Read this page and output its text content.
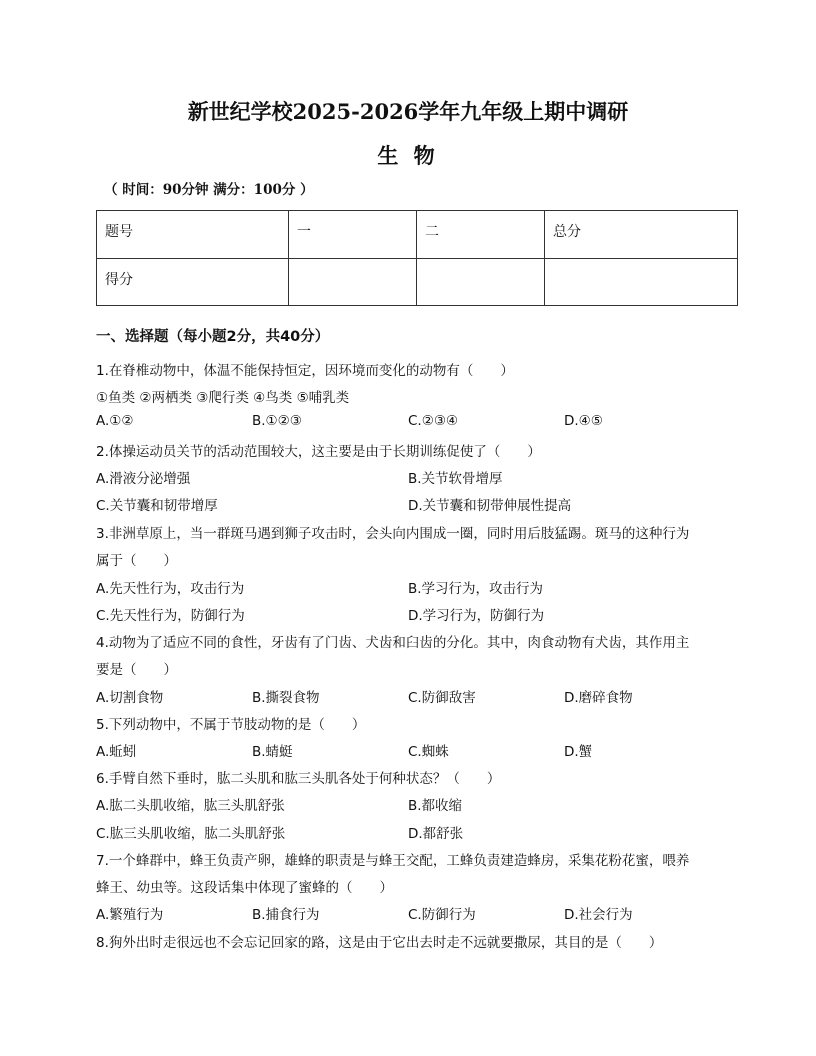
新世纪学校2025-2026学年九年级上期中调研
生 物
（ 时间：90分钟 满分：100分 ）
题号	一	二	总分
得分			
一、选择题（每小题2分，共40分）
1.在脊椎动物中，体温不能保持恒定，因环境而变化的动物有（　　）
①鱼类 ②两栖类 ③爬行类 ④鸟类 ⑤哺乳类
A.①②	B.①②③	C.②③④	D.④⑤
2.体操运动员关节的活动范围较大，这主要是由于长期训练促使了（　　）
A.滑液分泌增强	B.关节软骨增厚
C.关节囊和韧带增厚	D.关节囊和韧带伸展性提高
3.非洲草原上，当一群斑马遇到狮子攻击时，会头向内围成一圈，同时用后肢猛踢。斑马的这种行为
属于（　　）
A.先天性行为，攻击行为	B.学习行为，攻击行为
C.先天性行为，防御行为	D.学习行为，防御行为
4.动物为了适应不同的食性，牙齿有了门齿、犬齿和臼齿的分化。其中，肉食动物有犬齿，其作用主
要是（　　）
A.切割食物	B.撕裂食物	C.防御敌害	D.磨碎食物
5.下列动物中，不属于节肢动物的是（　　）
A.蚯蚓	B.蜻蜓	C.蜘蛛	D.蟹
6.手臂自然下垂时，肱二头肌和肱三头肌各处于何种状态？（　　）
A.肱二头肌收缩，肱三头肌舒张	B.都收缩
C.肱三头肌收缩，肱二头肌舒张	D.都舒张
7.一个蜂群中，蜂王负责产卵，雄蜂的职责是与蜂王交配，工蜂负责建造蜂房，采集花粉花蜜，喂养
蜂王、幼虫等。这段话集中体现了蜜蜂的（　　）
A.繁殖行为	B.捕食行为	C.防御行为	D.社会行为
8.狗外出时走很远也不会忘记回家的路，这是由于它出去时走不远就要撒尿，其目的是（　　）
